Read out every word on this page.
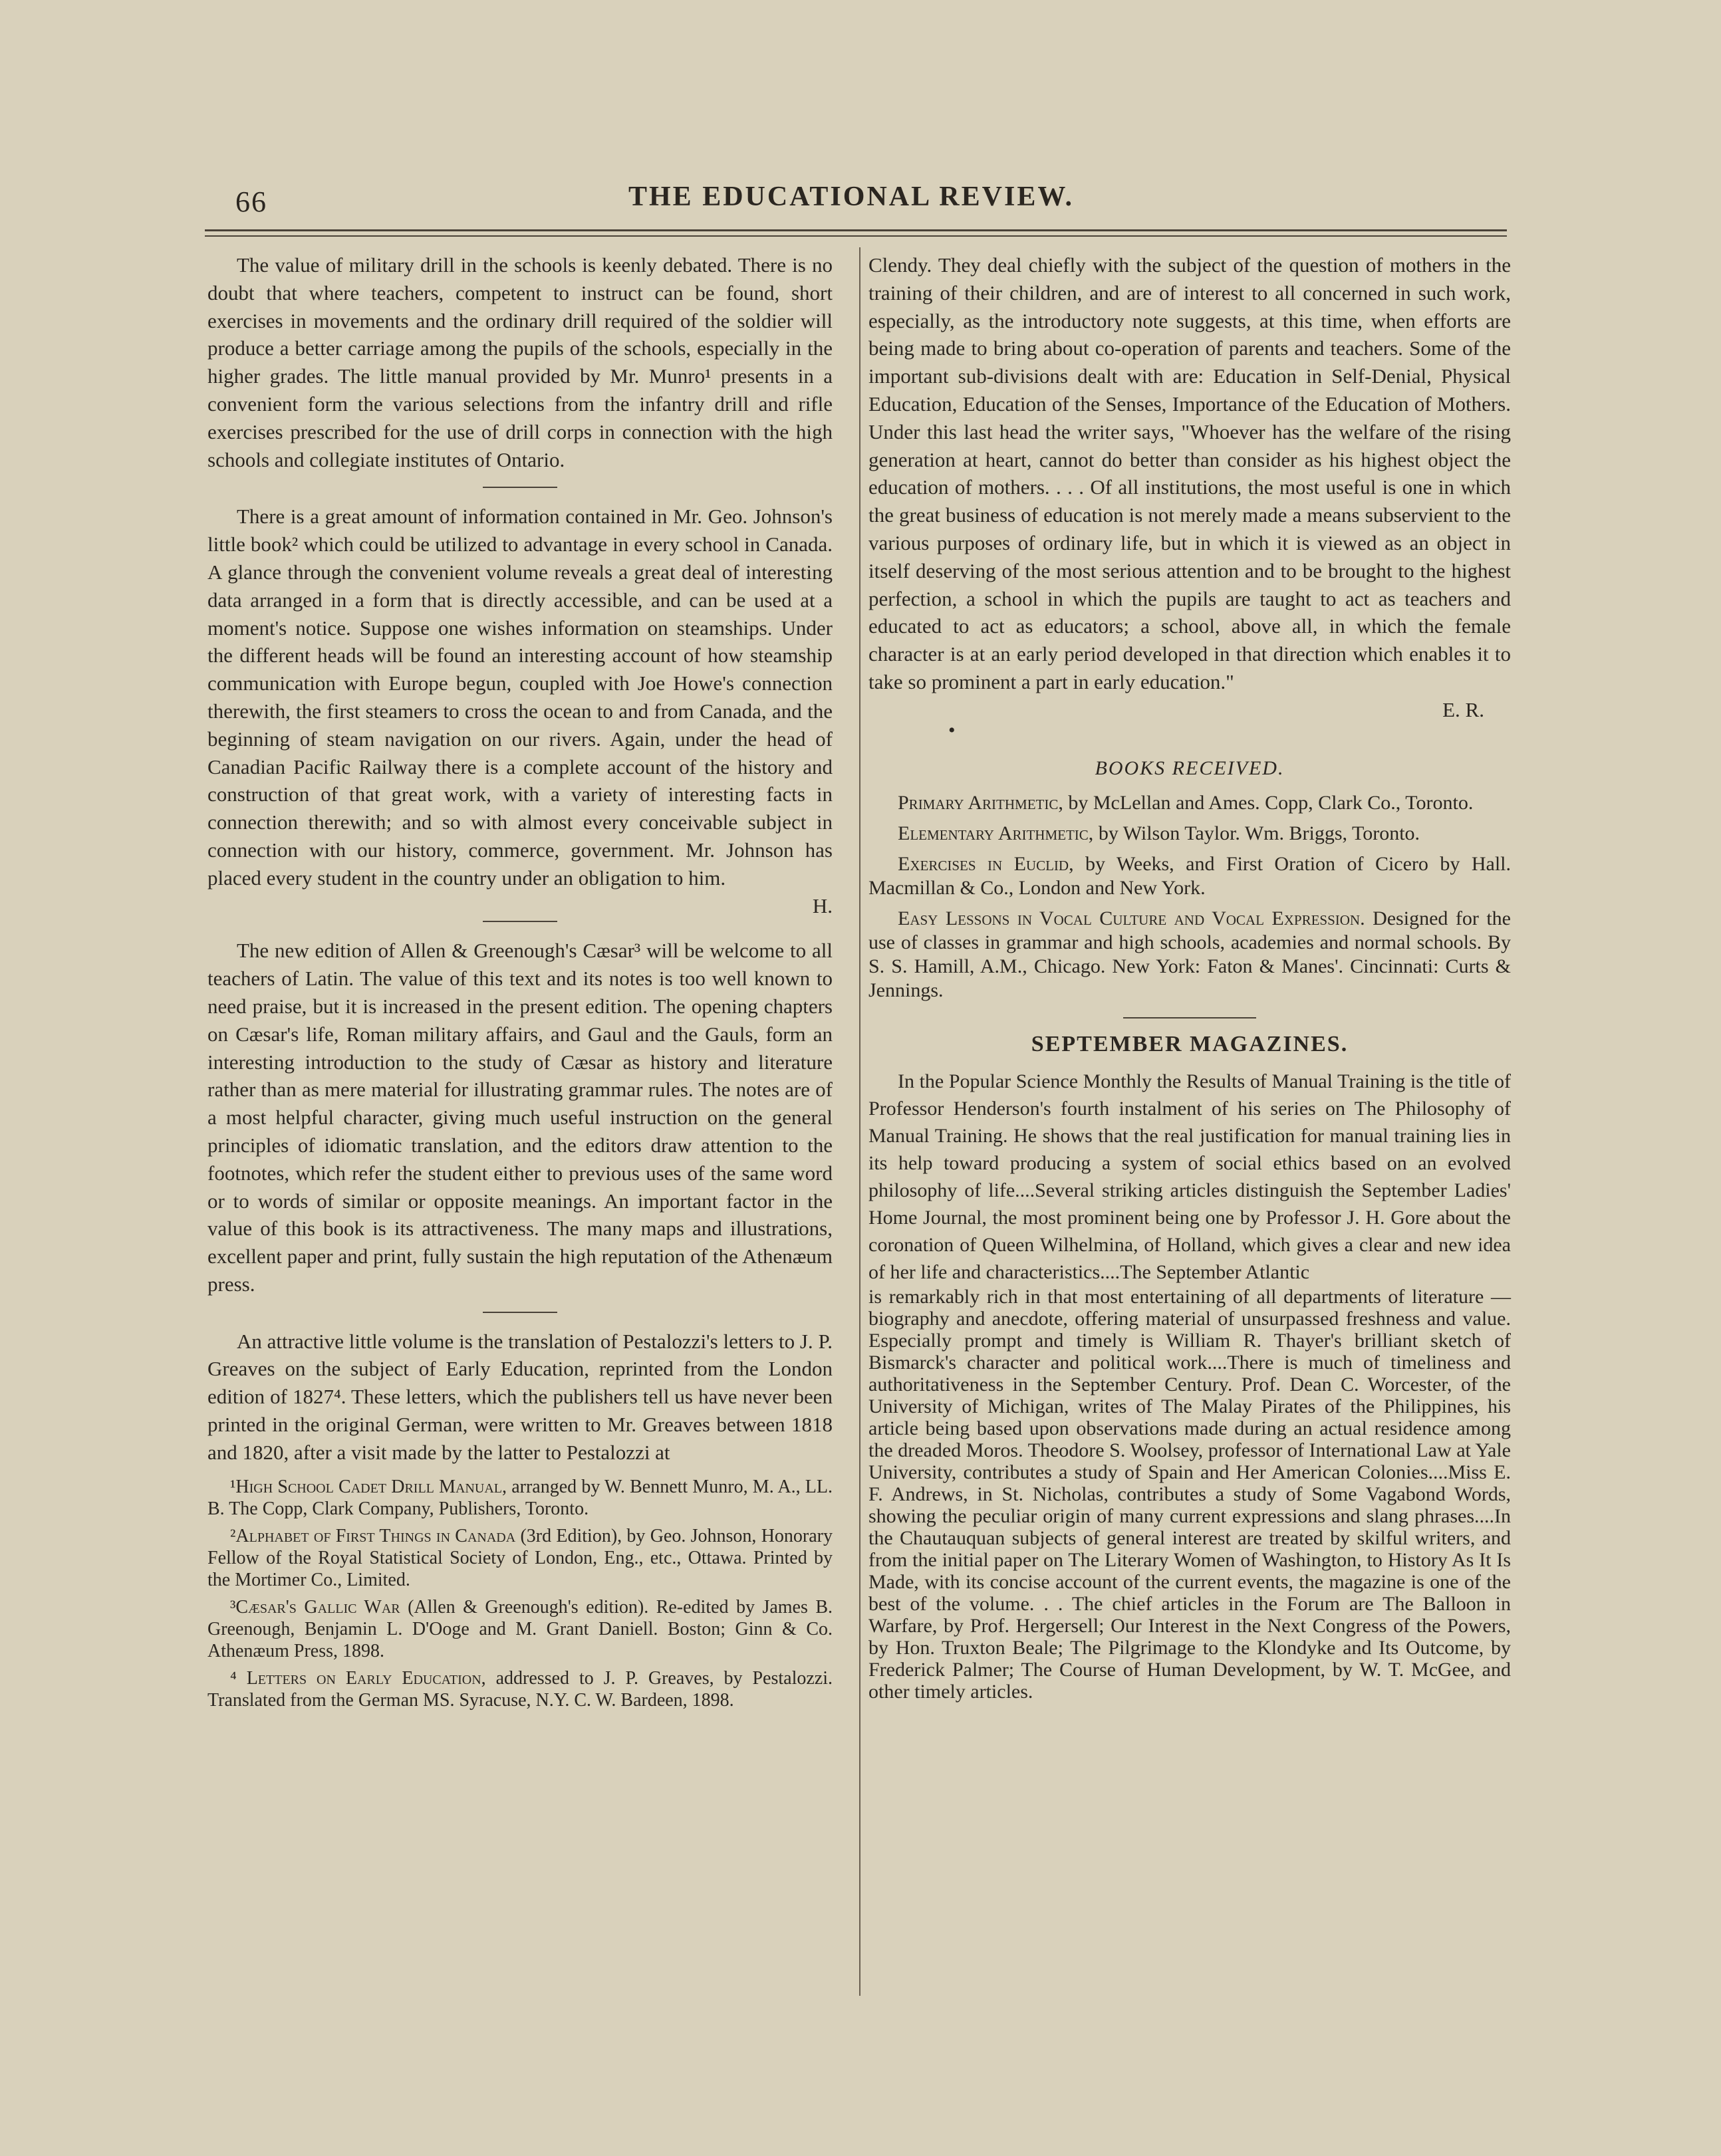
66	THE EDUCATIONAL REVIEW.

The value of military drill in the schools is keenly debated. There is no doubt that where teachers, competent to instruct can be found, short exercises in movements and the ordinary drill required of the soldier will produce a better carriage among the pupils of the schools, especially in the higher grades. The little manual provided by Mr. Munro¹ presents in a convenient form the various selections from the infantry drill and rifle exercises prescribed for the use of drill corps in connection with the high schools and collegiate institutes of Ontario.

There is a great amount of information contained in Mr. Geo. Johnson's little book² which could be utilized to advantage in every school in Canada. A glance through the convenient volume reveals a great deal of interesting data arranged in a form that is directly accessible, and can be used at a moment's notice. Suppose one wishes information on steamships. Under the different heads will be found an interesting account of how steamship communication with Europe begun, coupled with Joe Howe's connection therewith, the first steamers to cross the ocean to and from Canada, and the beginning of steam navigation on our rivers. Again, under the head of Canadian Pacific Railway there is a complete account of the history and construction of that great work, with a variety of interesting facts in connection therewith; and so with almost every conceivable subject in connection with our history, commerce, government. Mr. Johnson has placed every student in the country under an obligation to him.

H.

The new edition of Allen & Greenough's Cæsar³ will be welcome to all teachers of Latin. The value of this text and its notes is too well known to need praise, but it is increased in the present edition. The opening chapters on Cæsar's life, Roman military affairs, and Gaul and the Gauls, form an interesting introduction to the study of Cæsar as history and literature rather than as mere material for illustrating grammar rules. The notes are of a most helpful character, giving much useful instruction on the general principles of idiomatic translation, and the editors draw attention to the footnotes, which refer the student either to previous uses of the same word or to words of similar or opposite meanings. An important factor in the value of this book is its attractiveness. The many maps and illustrations, excellent paper and print, fully sustain the high reputation of the Athenæum press.

An attractive little volume is the translation of Pestalozzi's letters to J. P. Greaves on the subject of Early Education, reprinted from the London edition of 1827⁴. These letters, which the publishers tell us have never been printed in the original German, were written to Mr. Greaves between 1818 and 1820, after a visit made by the latter to Pestalozzi at

¹High School Cadet Drill Manual, arranged by W. Bennett Munro, M. A., LL. B. The Copp, Clark Company, Publishers, Toronto.

²Alphabet of First Things in Canada (3rd Edition), by Geo. Johnson, Honorary Fellow of the Royal Statistical Society of London, Eng., etc., Ottawa. Printed by the Mortimer Co., Limited.

³Cæsar's Gallic War (Allen & Greenough's edition). Re-edited by James B. Greenough, Benjamin L. D'Ooge and M. Grant Daniell. Boston; Ginn & Co. Athenæum Press, 1898.

⁴ Letters on Early Education, addressed to J. P. Greaves, by Pestalozzi. Translated from the German MS. Syracuse, N.Y. C. W. Bardeen, 1898.

Clendy. They deal chiefly with the subject of the question of mothers in the training of their children, and are of interest to all concerned in such work, especially, as the introductory note suggests, at this time, when efforts are being made to bring about co-operation of parents and teachers. Some of the important sub-divisions dealt with are: Education in Self-Denial, Physical Education, Education of the Senses, Importance of the Education of Mothers. Under this last head the writer says, "Whoever has the welfare of the rising generation at heart, cannot do better than consider as his highest object the education of mothers. . . . Of all institutions, the most useful is one in which the great business of education is not merely made a means subservient to the various purposes of ordinary life, but in which it is viewed as an object in itself deserving of the most serious attention and to be brought to the highest perfection, a school in which the pupils are taught to act as teachers and educated to act as educators; a school, above all, in which the female character is at an early period developed in that direction which enables it to take so prominent a part in early education."

E. R.
•
BOOKS RECEIVED.

Primary Arithmetic, by McLellan and Ames. Copp, Clark Co., Toronto.

Elementary Arithmetic, by Wilson Taylor. Wm. Briggs, Toronto.

Exercises in Euclid, by Weeks, and First Oration of Cicero by Hall. Macmillan & Co., London and New York.

Easy Lessons in Vocal Culture and Vocal Expression. Designed for the use of classes in grammar and high schools, academies and normal schools. By S. S. Hamill, A.M., Chicago. New York: Faton & Manes'. Cincinnati: Curts & Jennings.

SEPTEMBER MAGAZINES.

In the Popular Science Monthly the Results of Manual Training is the title of Professor Henderson's fourth instalment of his series on The Philosophy of Manual Training. He shows that the real justification for manual training lies in its help toward producing a system of social ethics based on an evolved philosophy of life....Several striking articles distinguish the September Ladies' Home Journal, the most prominent being one by Professor J. H. Gore about the coronation of Queen Wilhelmina, of Holland, which gives a clear and new idea of her life and characteristics....The September Atlantic

is remarkably rich in that most entertaining of all departments of literature — biography and anecdote, offering material of unsurpassed freshness and value. Especially prompt and timely is William R. Thayer's brilliant sketch of Bismarck's character and political work....There is much of timeliness and authoritativeness in the September Century. Prof. Dean C. Worcester, of the University of Michigan, writes of The Malay Pirates of the Philippines, his article being based upon observations made during an actual residence among the dreaded Moros. Theodore S. Woolsey, professor of International Law at Yale University, contributes a study of Spain and Her American Colonies....Miss E. F. Andrews, in St. Nicholas, contributes a study of Some Vagabond Words, showing the peculiar origin of many current expressions and slang phrases....In the Chautauquan subjects of general interest are treated by skilful writers, and from the initial paper on The Literary Women of Washington, to History As It Is Made, with its concise account of the current events, the magazine is one of the best of the volume. . . The chief articles in the Forum are The Balloon in Warfare, by Prof. Hergersell; Our Interest in the Next Congress of the Powers, by Hon. Truxton Beale; The Pilgrimage to the Klondyke and Its Outcome, by Frederick Palmer; The Course of Human Development, by W. T. McGee, and other timely articles.
